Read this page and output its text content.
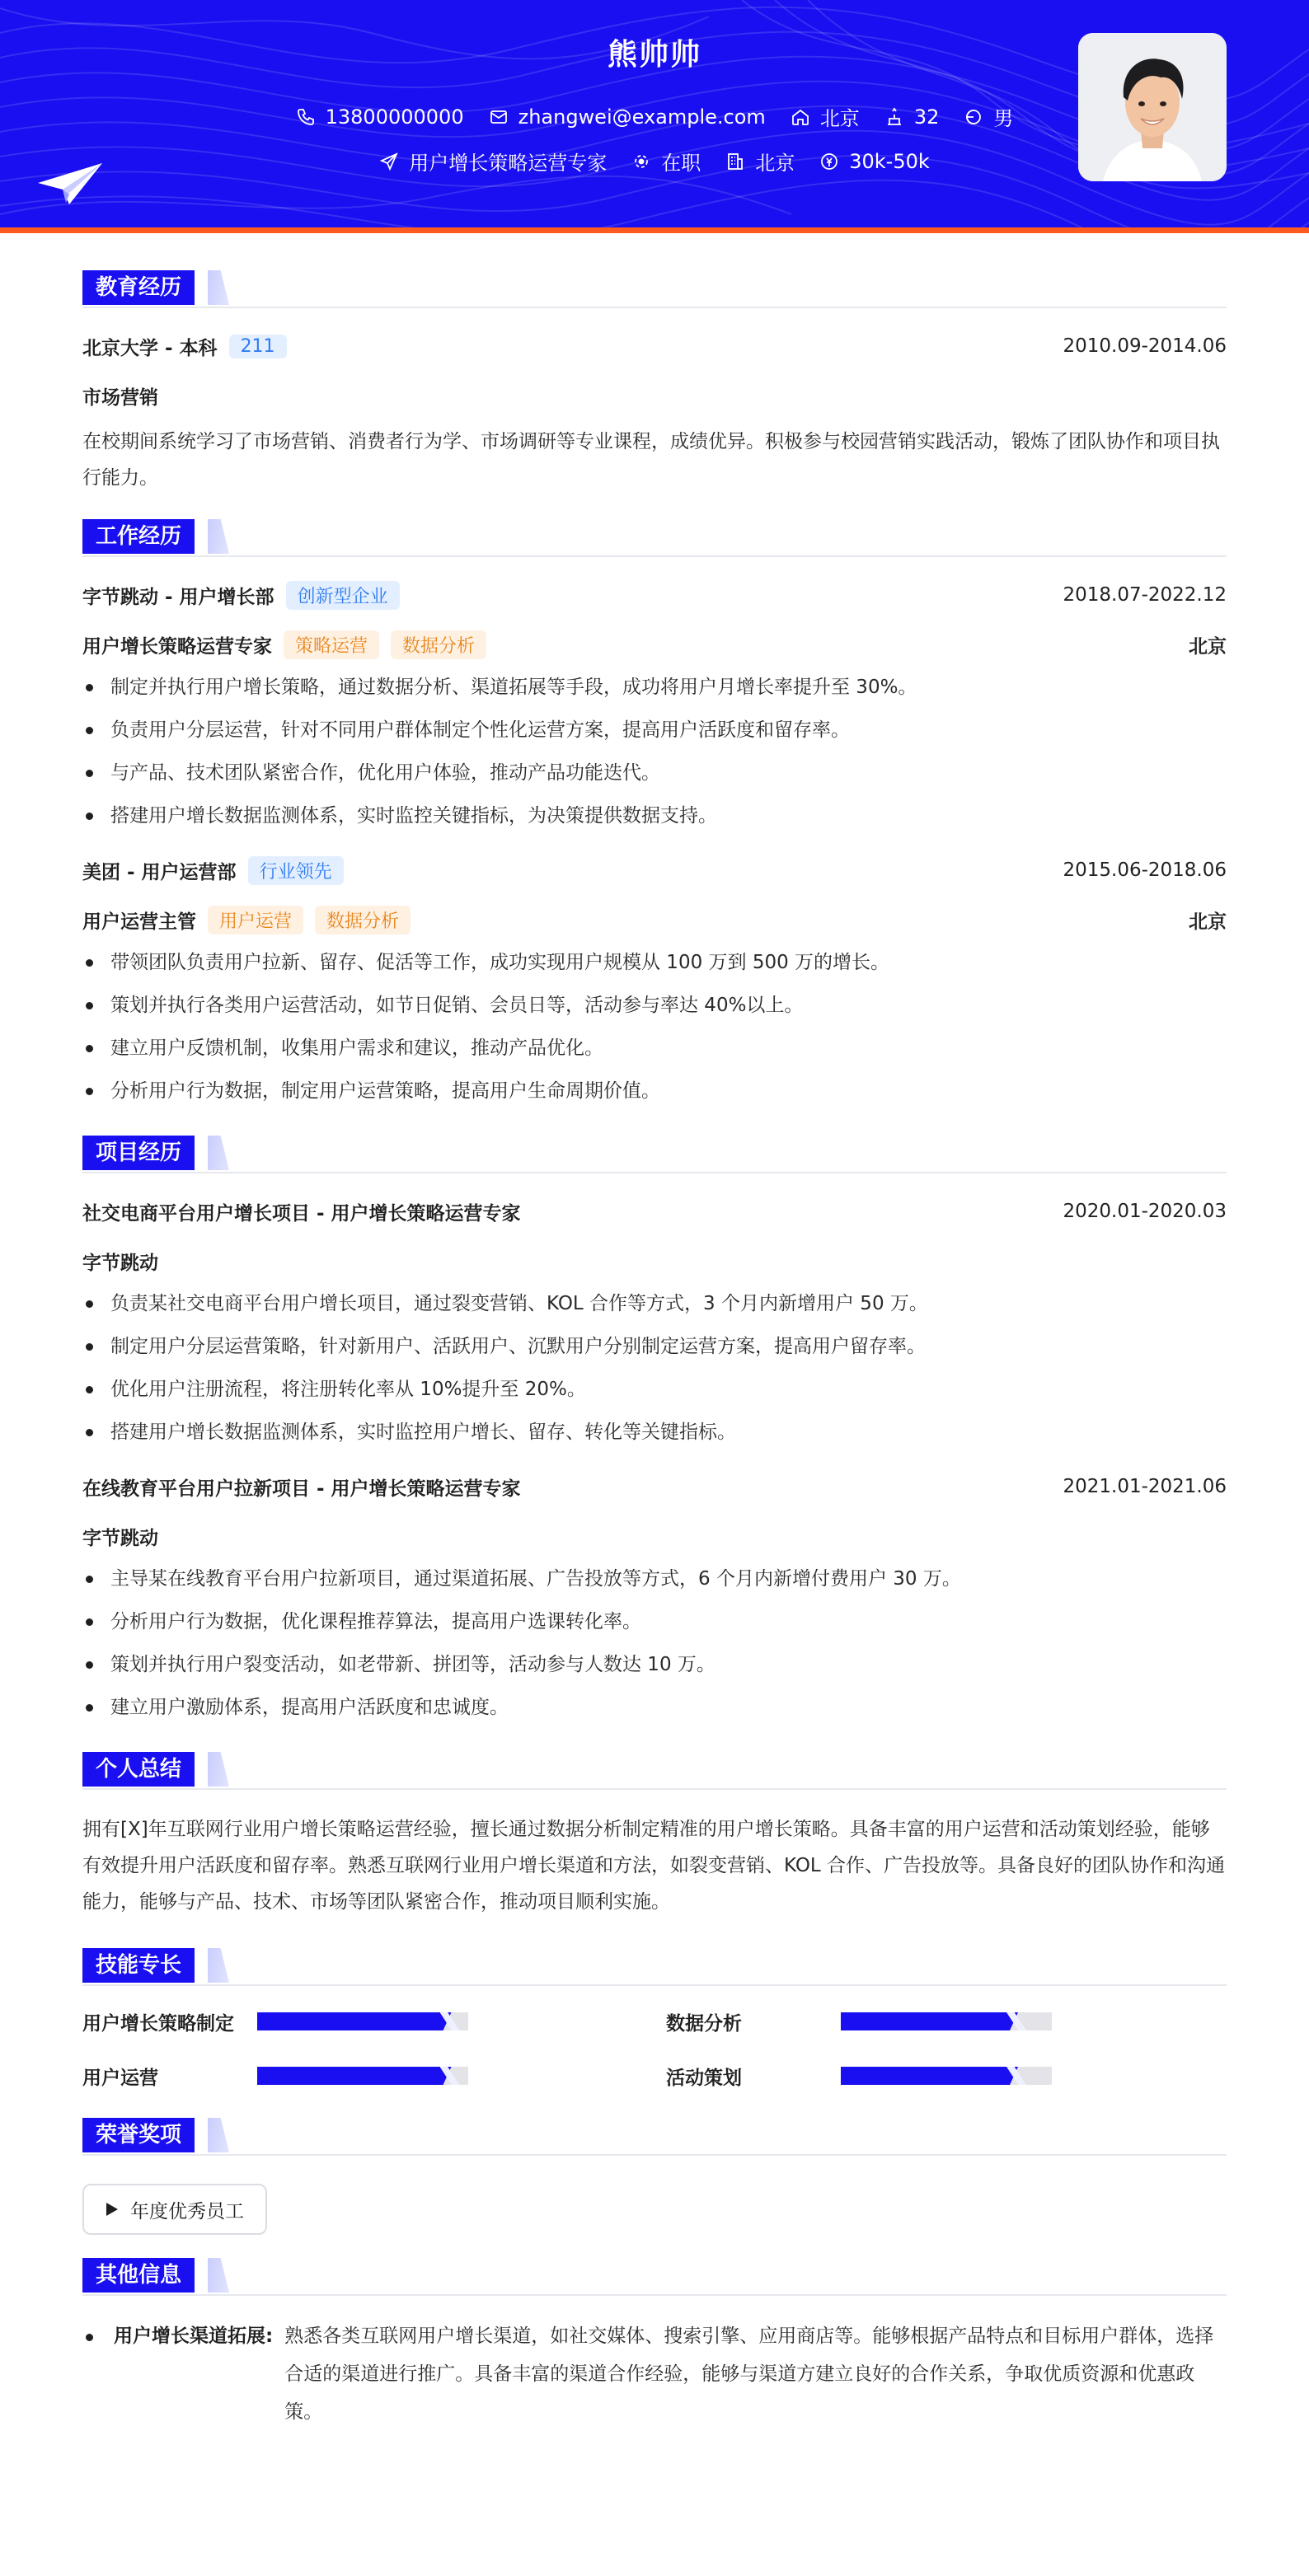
熊帅帅
13800000000	zhangwei@example.com	北京	32	男
用户增长策略运营专家	在职	北京	30k-50k
教育经历
北京大学 - 本科	211	2010.09-2014.06
市场营销
在校期间系统学习了市场营销、消费者行为学、市场调研等专业课程，成绩优异。积极参与校园营销实践活动，锻炼了团队协作和项目执行能力。
工作经历
字节跳动 - 用户增长部	创新型企业	2018.07-2022.12
用户增长策略运营专家	策略运营	数据分析	北京
制定并执行用户增长策略，通过数据分析、渠道拓展等手段，成功将用户月增长率提升至 30%。
负责用户分层运营，针对不同用户群体制定个性化运营方案，提高用户活跃度和留存率。
与产品、技术团队紧密合作，优化用户体验，推动产品功能迭代。
搭建用户增长数据监测体系，实时监控关键指标，为决策提供数据支持。
美团 - 用户运营部	行业领先	2015.06-2018.06
用户运营主管	用户运营	数据分析	北京
带领团队负责用户拉新、留存、促活等工作，成功实现用户规模从 100 万到 500 万的增长。
策划并执行各类用户运营活动，如节日促销、会员日等，活动参与率达 40%以上。
建立用户反馈机制，收集用户需求和建议，推动产品优化。
分析用户行为数据，制定用户运营策略，提高用户生命周期价值。
项目经历
社交电商平台用户增长项目 - 用户增长策略运营专家	2020.01-2020.03
字节跳动
负责某社交电商平台用户增长项目，通过裂变营销、KOL 合作等方式，3 个月内新增用户 50 万。
制定用户分层运营策略，针对新用户、活跃用户、沉默用户分别制定运营方案，提高用户留存率。
优化用户注册流程，将注册转化率从 10%提升至 20%。
搭建用户增长数据监测体系，实时监控用户增长、留存、转化等关键指标。
在线教育平台用户拉新项目 - 用户增长策略运营专家	2021.01-2021.06
字节跳动
主导某在线教育平台用户拉新项目，通过渠道拓展、广告投放等方式，6 个月内新增付费用户 30 万。
分析用户行为数据，优化课程推荐算法，提高用户选课转化率。
策划并执行用户裂变活动，如老带新、拼团等，活动参与人数达 10 万。
建立用户激励体系，提高用户活跃度和忠诚度。
个人总结
拥有[X]年互联网行业用户增长策略运营经验，擅长通过数据分析制定精准的用户增长策略。具备丰富的用户运营和活动策划经验，能够有效提升用户活跃度和留存率。熟悉互联网行业用户增长渠道和方法，如裂变营销、KOL 合作、广告投放等。具备良好的团队协作和沟通能力，能够与产品、技术、市场等团队紧密合作，推动项目顺利实施。
技能专长
用户增长策略制定	数据分析
用户运营	活动策划
荣誉奖项
年度优秀员工
其他信息
用户增长渠道拓展: 熟悉各类互联网用户增长渠道，如社交媒体、搜索引擎、应用商店等。能够根据产品特点和目标用户群体，选择合适的渠道进行推广。具备丰富的渠道合作经验，能够与渠道方建立良好的合作关系，争取优质资源和优惠政策。
